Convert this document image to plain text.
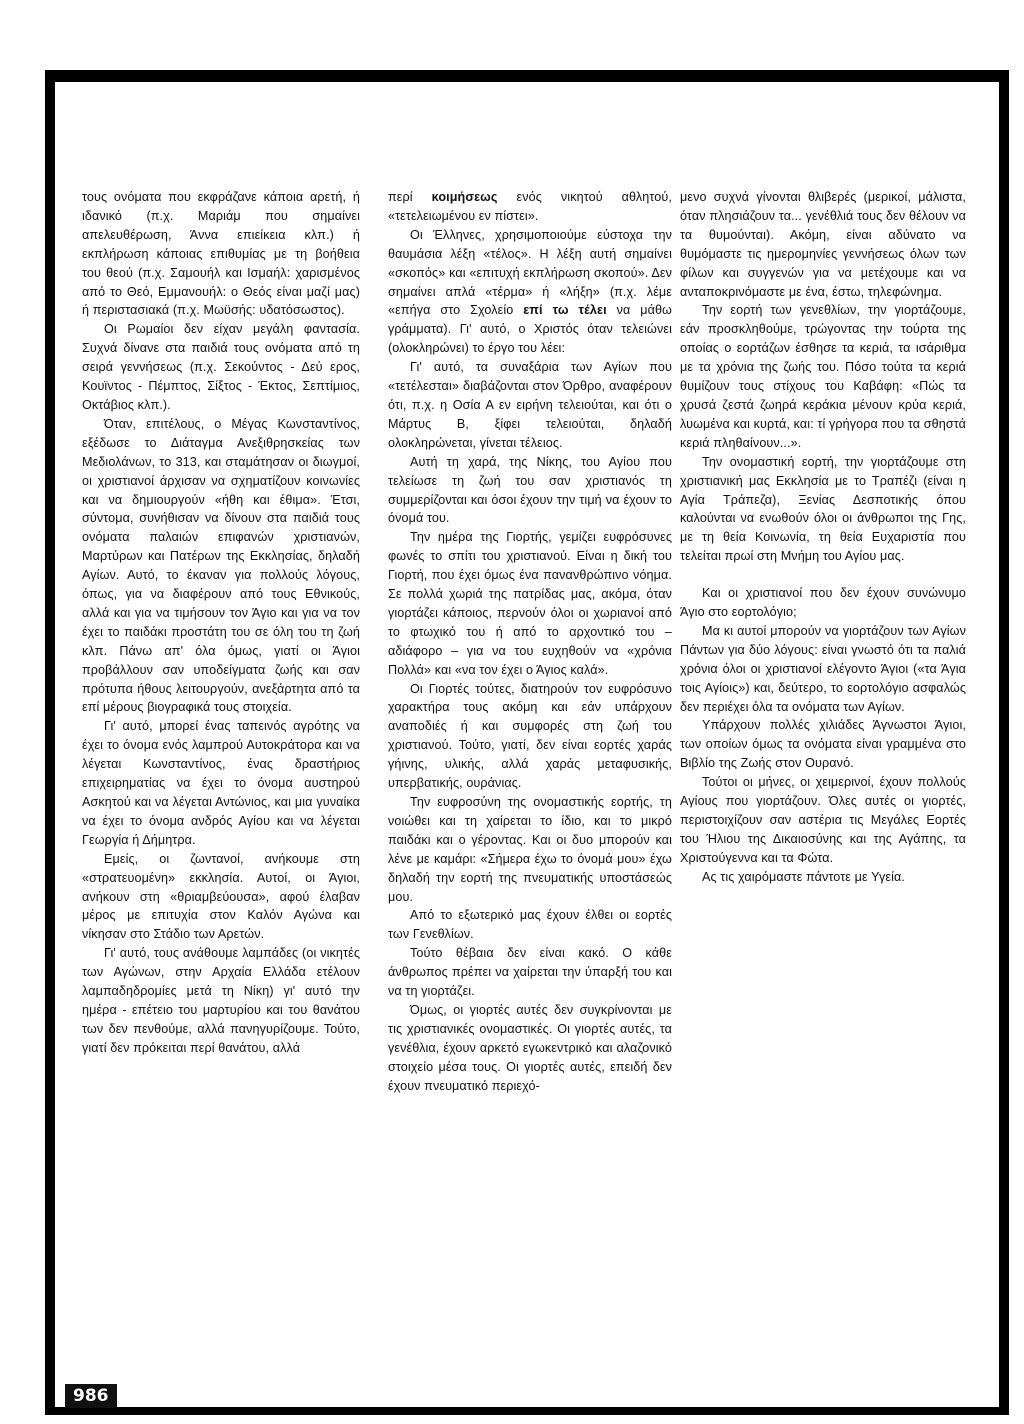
τους ονόματα που εκφράζανε κάποια αρετή, ή ιδανικό (π.χ. Μαριάμ που σημαίνει απελευθέρωση, Άννα επιείκεια κλπ.) ή εκπλήρωση κάποιας επιθυμίας με τη βοήθεια του θεού (π.χ. Σαμουήλ και Ισμαήλ: χαρισμένος από το Θεό, Εμμανουήλ: ο Θεός είναι μαζί μας) ή περιστασιακά (π.χ. Μωϋσής: υδατόσωστος).

Οι Ρωμαίοι δεν είχαν μεγάλη φαντασία. Συχνά δίνανε στα παιδιά τους ονόματα από τη σειρά γεννήσεως (π.χ. Σεκούντος - Δεύ ερος, Κουϊντος - Πέμπτος, Σίξτος - Έκτος, Σεπτίμιος, Οκτάβιος κλπ.).

Όταν, επιτέλους, ο Μέγας Κωνσταντίνος, εξέδωσε το Διάταγμα Ανεξιθρησκείας των Μεδιολάνων, το 313, και σταμάτησαν οι διωγμοί, οι χριστιανοί άρχισαν να σχηματίζουν κοινωνίες και να δημιουργούν «ήθη και έθιμα». Έτσι, σύντομα, συνήθισαν να δίνουν στα παιδιά τους ονόματα παλαιών επιφανών χριστιανών, Μαρτύρων και Πατέρων της Εκκλησίας, δηλαδή Αγίων. Αυτό, το έκαναν για πολλούς λόγους, όπως, για να διαφέρουν από τους Εθνικούς, αλλά και για να τιμήσουν τον Άγιο και για να τον έχει το παιδάκι προστάτη του σε όλη του τη ζωή κλπ. Πάνω απ' όλα όμως, γιατί οι Άγιοι προβάλλουν σαν υποδείγματα ζωής και σαν πρότυπα ήθους λειτουργούν, ανεξάρτητα από τα επί μέρους βιογραφικά τους στοιχεία.

Γι' αυτό, μπορεί ένας ταπεινός αγρότης να έχει το όνομα ενός λαμπρού Αυτοκράτορα και να λέγεται Κωνσταντίνος, ένας δραστήριος επιχειρηματίας να έχει το όνομα αυστηρού Ασκητού και να λέγεται Αντώνιος, και μια γυναίκα να έχει το όνομα ανδρός Αγίου και να λέγεται Γεωργία ή Δήμητρα.

Εμείς, οι ζωντανοί, ανήκουμε στη «στρατευομένη» εκκλησία. Αυτοί, οι Άγιοι, ανήκουν στη «θριαμβεύουσα», αφού έλαβαν μέρος με επιτυχία στον Καλόν Αγώνα και νίκησαν στο Στάδιο των Αρετών.

Γι' αυτό, τους ανάθουμε λαμπάδες (οι νικητές των Αγώνων, στην Αρχαία Ελλάδα ετέλουν λαμπαδηδρομίες μετά τη Νίκη) γι' αυτό την ημέρα - επέτειο του μαρτυρίου και του θανάτου των δεν πενθούμε, αλλά πανηγυρίζουμε. Τούτο, γιατί δεν πρόκειται περί θανάτου, αλλά

περί κοιμήσεως ενός νικητού αθλητού, «τετελειωμένου εν πίστει».

Οι Έλληνες, χρησιμοποιούμε εύστοχα την θαυμάσια λέξη «τέλος». Η λέξη αυτή σημαίνει «σκοπός» και «επιτυχή εκπλήρωση σκοπού». Δεν σημαίνει απλά «τέρμα» ή «λήξη» (π.χ. λέμε «επήγα στο Σχολείο επί τω τέλει να μάθω γράμματα). Γι' αυτό, ο Χριστός όταν τελειώνει (ολοκληρώνει) το έργο του λέει:

Γι' αυτό, τα συναξάρια των Αγίων που «τετέλεσται» διαβάζονται στον Όρθρο, αναφέρουν ότι, π.χ. η Οσία Α εν ειρήνη τελειούται, και ότι ο Μάρτυς Β, ξίφει τελειούται, δηλαδή ολοκληρώνεται, γίνεται τέλειος.

Αυτή τη χαρά, της Νίκης, του Αγίου που τελείωσε τη ζωή του σαν χριστιανός τη συμμερίζονται και όσοι έχουν την τιμή να έχουν το όνομά του.

Την ημέρα της Γιορτής, γεμίζει ευφρόσυνες φωνές το σπίτι του χριστιανού. Είναι η δική του Γιορτή, που έχει όμως ένα πανανθρώπινο νόημα. Σε πολλά χωριά της πατρίδας μας, ακόμα, όταν γιορτάζει κάποιος, περνούν όλοι οι χωριανοί από το φτωχικό του ή από το αρχοντικό του – αδιάφορο – για να του ευχηθούν να «χρόνια Πολλά» και «να τον έχει ο Άγιος καλά».

Οι Γιορτές τούτες, διατηρούν τον ευφρόσυνο χαρακτήρα τους ακόμη και εάν υπάρχουν αναποδιές ή και συμφορές στη ζωή του χριστιανού. Τούτο, γιατί, δεν είναι εορτές χαράς γήινης, υλικής, αλλά χαράς μεταφυσικής, υπερβατικής, ουράνιας.

Την ευφροσύνη της ονομαστικής εορτής, τη νοιώθει και τη χαίρεται το ίδιο, και το μικρό παιδάκι και ο γέροντας. Και οι δυο μπορούν και λένε με καμάρι: «Σήμερα έχω το όνομά μου» έχω δηλαδή την εορτή της πνευματικής υποστάσεώς μου.

Από το εξωτερικό μας έχουν έλθει οι εορτές των Γενεθλίων.

Τούτο θέβαια δεν είναι κακό. Ο κάθε άνθρωπος πρέπει να χαίρεται την ύπαρξή του και να τη γιορτάζει.

Όμως, οι γιορτές αυτές δεν συγκρίνονται με τις χριστιανικές ονομαστικές. Οι γιορτές αυτές, τα γενέθλια, έχουν αρκετό εγωκεντρικό και αλαζονικό στοιχείο μέσα τους. Οι γιορτές αυτές, επειδή δεν έχουν πνευματικό περιεχό-

μενο συχνά γίνονται θλιβερές (μερικοί, μάλιστα, όταν πλησιάζουν τα... γενέθλιά τους δεν θέλουν να τα θυμούνται). Ακόμη, είναι αδύνατο να θυμόμαστε τις ημερομηνίες γεννήσεως όλων των φίλων και συγγενών για να μετέχουμε και να ανταποκρινόμαστε με ένα, έστω, τηλεφώνημα.

Την εορτή των γενεθλίων, την γιορτάζουμε, εάν προσκληθούμε, τρώγοντας την τούρτα της οποίας ο εορτάζων έσθησε τα κεριά, τα ισάριθμα με τα χρόνια της ζωής του. Πόσο τούτα τα κεριά θυμίζουν τους στίχους του Καβάφη: «Πώς τα χρυσά ζεστά ζωηρά κεράκια μένουν κρύα κεριά, λυωμένα και κυρτά, και: τί γρήγορα που τα σθηστά κεριά πληθαίνουν...».

Την ονομαστική εορτή, την γιορτάζουμε στη χριστιανική μας Εκκλησία με το Τραπέζι (είναι η Αγία Τράπεζα), Ξενίας Δεσποτικής όπου καλούνται να ενωθούν όλοι οι άνθρωποι της Γης, με τη θεία Κοινωνία, τη θεία Ευχαριστία που τελείται πρωί στη Μνήμη του Αγίου μας.

Και οι χριστιανοί που δεν έχουν συνώνυμο Άγιο στο εορτολόγιο;

Μα κι αυτοί μπορούν να γιορτάζουν των Αγίων Πάντων για δύο λόγους: είναι γνωστό ότι τα παλιά χρόνια όλοι οι χριστιανοί ελέγοντο Άγιοι («τα Άγια τοις Αγίοις») και, δεύτερο, το εορτολόγιο ασφαλώς δεν περιέχει όλα τα ονόματα των Αγίων.

Υπάρχουν πολλές χιλιάδες Άγνωστοι Άγιοι, των οποίων όμως τα ονόματα είναι γραμμένα στο Βιβλίο της Ζωής στον Ουρανό.

Τούτοι οι μήνες, οι χειμερινοί, έχουν πολλούς Αγίους που γιορτάζουν. Όλες αυτές οι γιορτές, περιστοιχίζουν σαν αστέρια τις Μεγάλες Εορτές του Ήλιου της Δικαιοσύνης και της Αγάπης, τα Χριστούγεννα και τα Φώτα.

Ας τις χαιρόμαστε πάντοτε με Υγεία.

986
